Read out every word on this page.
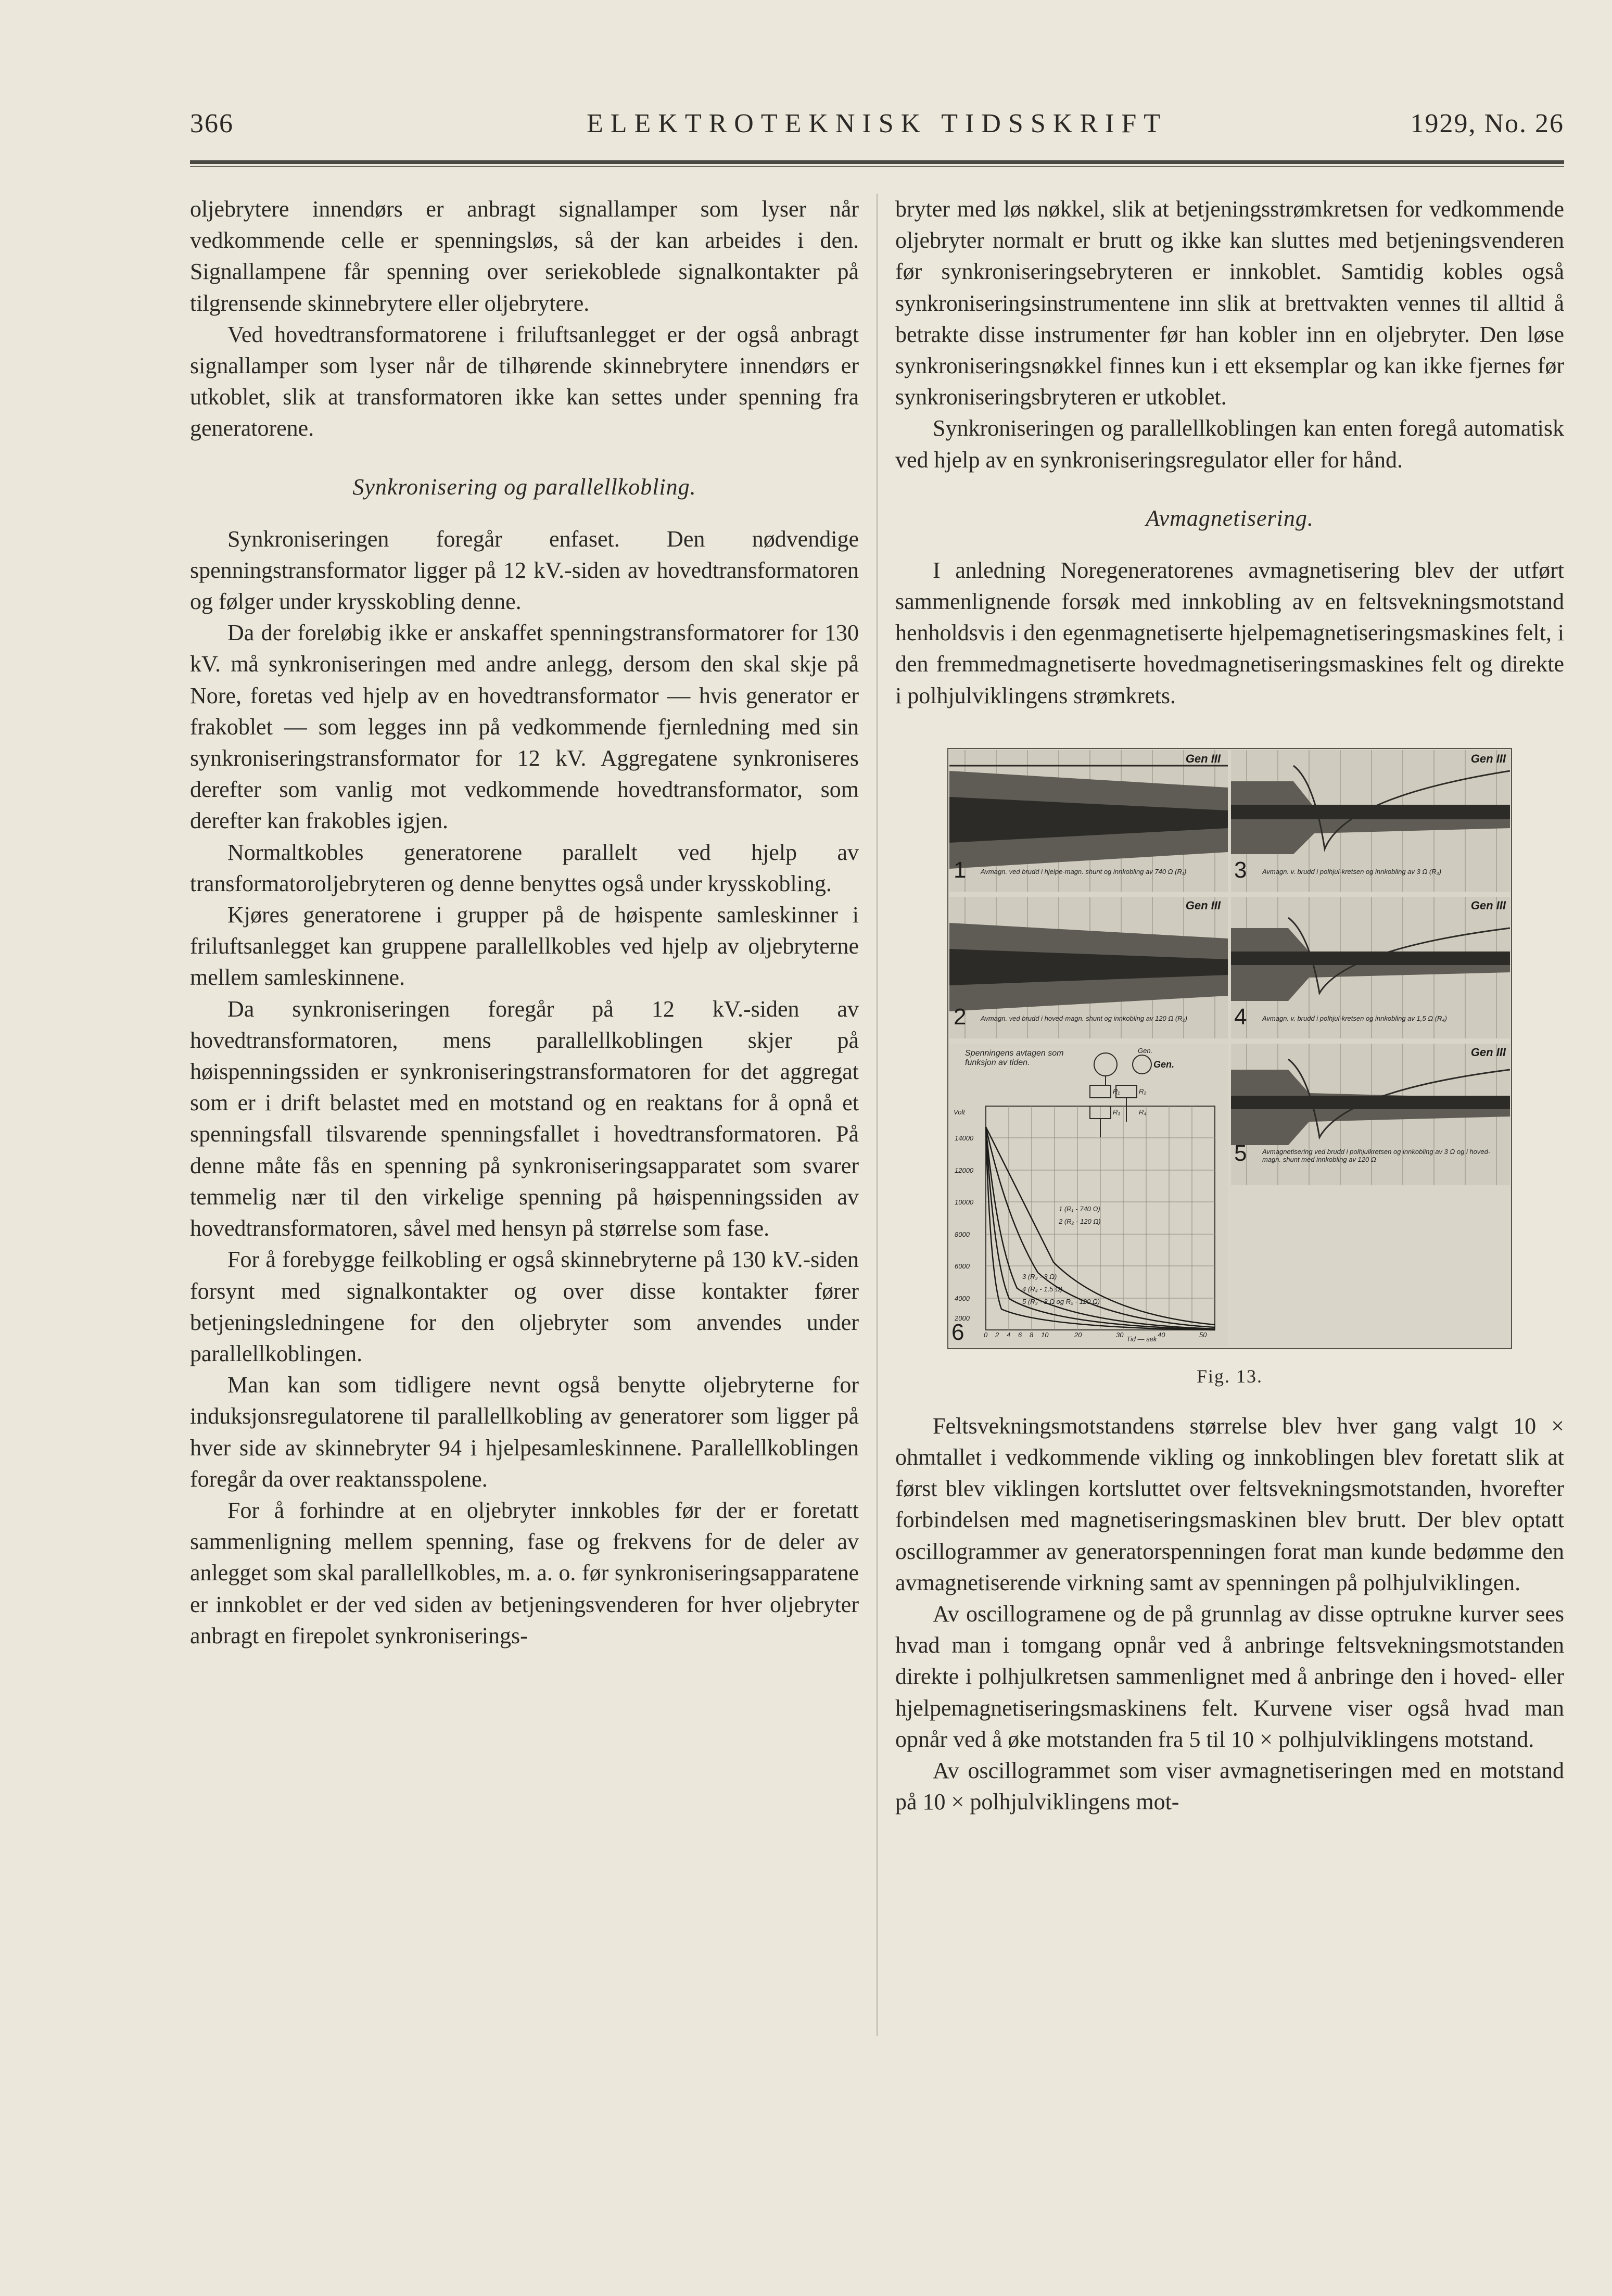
366	ELEKTROTEKNISK TIDSSKRIFT	1929, No. 26

oljebrytere innendørs er anbragt signallamper som lyser når vedkommende celle er spenningsløs, så der kan arbeides i den. Signallampene får spenning over seriekoblede signalkontakter på tilgrensende skinnebrytere eller oljebrytere.

Ved hovedtransformatorene i friluftsanlegget er der også anbragt signallamper som lyser når de tilhørende skinnebrytere innendørs er utkoblet, slik at transformatoren ikke kan settes under spenning fra generatorene.

Synkronisering og parallellkobling.

Synkroniseringen foregår enfaset. Den nødvendige spenningstransformator ligger på 12 kV.-siden av hovedtransformatoren og følger under krysskobling denne.

Da der foreløbig ikke er anskaffet spenningstransformatorer for 130 kV. må synkroniseringen med andre anlegg, dersom den skal skje på Nore, foretas ved hjelp av en hovedtransformator — hvis generator er frakoblet — som legges inn på vedkommende fjernledning med sin synkroniseringstransformator for 12 kV. Aggregatene synkroniseres derefter som vanlig mot vedkommende hovedtransformator, som derefter kan frakobles igjen.

Normaltkobles generatorene parallelt ved hjelp av transformatoroljebryteren og denne benyttes også under krysskobling.

Kjøres generatorene i grupper på de høispente samleskinner i friluftsanlegget kan gruppene parallellkobles ved hjelp av oljebryterne mellem samleskinnene.

Da synkroniseringen foregår på 12 kV.-siden av hovedtransformatoren, mens parallellkoblingen skjer på høispenningssiden er synkroniseringstransformatoren for det aggregat som er i drift belastet med en motstand og en reaktans for å opnå et spenningsfall tilsvarende spenningsfallet i hovedtransformatoren. På denne måte fås en spenning på synkroniseringsapparatet som svarer temmelig nær til den virkelige spenning på høispenningssiden av hovedtransformatoren, såvel med hensyn på størrelse som fase.

For å forebygge feilkobling er også skinnebryterne på 130 kV.-siden forsynt med signalkontakter og over disse kontakter fører betjeningsledningene for den oljebryter som anvendes under parallellkoblingen.

Man kan som tidligere nevnt også benytte oljebryterne for induksjonsregulatorene til parallellkobling av generatorer som ligger på hver side av skinnebryter 94 i hjelpesamleskinnene. Parallellkoblingen foregår da over reaktansspolene.

For å forhindre at en oljebryter innkobles før der er foretatt sammenligning mellem spenning, fase og frekvens for de deler av anlegget som skal parallellkobles, m. a. o. før synkroniseringsapparatene er innkoblet er der ved siden av betjeningsvenderen for hver oljebryter anbragt en firepolet synkroniserings-

bryter med løs nøkkel, slik at betjeningsstrømkretsen for vedkommende oljebryter normalt er brutt og ikke kan sluttes med betjeningsvenderen før synkroniseringsebryteren er innkoblet. Samtidig kobles også synkroniseringsinstrumentene inn slik at brettvakten vennes til alltid å betrakte disse instrumenter før han kobler inn en oljebryter. Den løse synkroniseringsnøkkel finnes kun i ett eksemplar og kan ikke fjernes før synkroniseringsbryteren er utkoblet.

Synkroniseringen og parallellkoblingen kan enten foregå automatisk ved hjelp av en synkroniseringsregulator eller for hånd.

Avmagnetisering.

I anledning Noregeneratorenes avmagnetisering blev der utført sammenlignende forsøk med innkobling av en feltsvekningsmotstand henholdsvis i den egenmagnetiserte hjelpemagnetiseringsmaskines felt, i den fremmedmagnetiserte hovedmagnetiseringsmaskines felt og direkte i polhjulviklingens strømkrets.

1
Gen III
Avmagn. ved brudd i hjelpe-magn. shunt og innkobling av 740 Ω (R₁)	3
Gen III
Avmagn. v. brudd i polhjul-kretsen og innkobling av 3 Ω (R₃)
2
Gen III
Avmagn. ved brudd i hoved-magn. shunt og innkobling av 120 Ω (R₂)	4
Gen III
Avmagn. v. brudd i polhjul-kretsen og innkobling av 1,5 Ω (R₄)
5
Gen III
Avmagnetisering ved brudd i polhjulkretsen og innkobling av 3 Ω og i hoved-magn. shunt med innkobling av 120 Ω
6
Gen.
Spenningens avtagen som funksjon av tiden.
Volt
Tid — sek
14000
12000
10000
8000
6000
4000
2000
0 2 4 6 8 10	20	30	40	50
1 (R₁ - 740 Ω)
2 (R₂ - 120 Ω)
3 (R₃ - 3 Ω)
4 (R₄ - 1,5 Ω)
5 (R₃ - 3 Ω og R₂ - 120 Ω)
Gen.
R₁	R₂
R₃	R₄
Fig. 13.

Feltsvekningsmotstandens størrelse blev hver gang valgt 10 × ohmtallet i vedkommende vikling og innkoblingen blev foretatt slik at først blev viklingen kortsluttet over feltsvekningsmotstanden, hvorefter forbindelsen med magnetiseringsmaskinen blev brutt. Der blev optatt oscillogrammer av generatorspenningen forat man kunde bedømme den avmagnetiserende virkning samt av spenningen på polhjulviklingen.

Av oscillogramene og de på grunnlag av disse optrukne kurver sees hvad man i tomgang opnår ved å anbringe feltsvekningsmotstanden direkte i polhjulkretsen sammenlignet med å anbringe den i hoved- eller hjelpemagnetiseringsmaskinens felt. Kurvene viser også hvad man opnår ved å øke motstanden fra 5 til 10 × polhjulviklingens motstand.

Av oscillogrammet som viser avmagnetiseringen med en motstand på 10 × polhjulviklingens mot-
